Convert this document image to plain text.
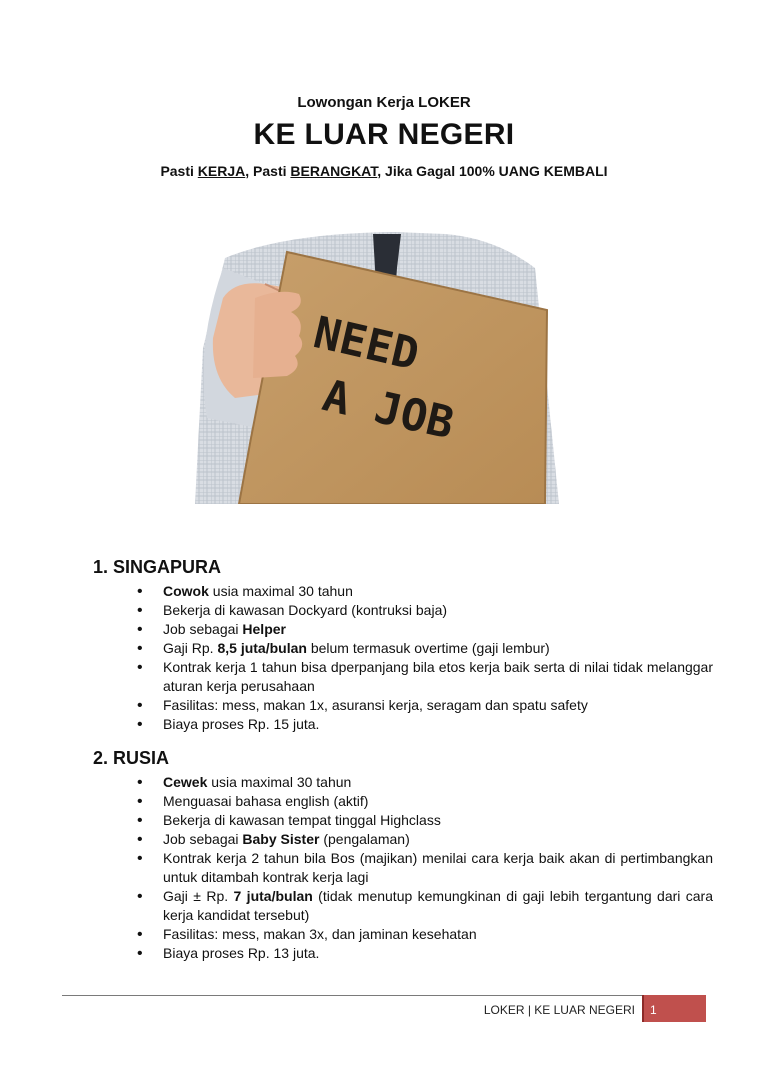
Lowongan Kerja LOKER
KE LUAR NEGERI
Pasti KERJA, Pasti BERANGKAT, Jika Gagal 100% UANG KEMBALI
NEED
A JOB
1. SINGAPURA
• Cowok usia maximal 30 tahun
• Bekerja di kawasan Dockyard (kontruksi baja)
• Job sebagai Helper
• Gaji Rp. 8,5 juta/bulan belum termasuk overtime (gaji lembur)
• Kontrak kerja 1 tahun bisa dperpanjang bila etos kerja baik serta di nilai tidak melanggar aturan kerja perusahaan
• Fasilitas: mess, makan 1x, asuransi kerja, seragam dan spatu safety
• Biaya proses Rp. 15 juta.
2. RUSIA
• Cewek usia maximal 30 tahun
• Menguasai bahasa english (aktif)
• Bekerja di kawasan tempat tinggal Highclass
• Job sebagai Baby Sister (pengalaman)
• Kontrak kerja 2 tahun bila Bos (majikan) menilai cara kerja baik akan di pertimbangkan untuk ditambah kontrak kerja lagi
• Gaji ± Rp. 7 juta/bulan (tidak menutup kemungkinan di gaji lebih tergantung dari cara kerja kandidat tersebut)
• Fasilitas: mess, makan 3x, dan jaminan kesehatan
• Biaya proses Rp. 13 juta.
LOKER | KE LUAR NEGERI	1
